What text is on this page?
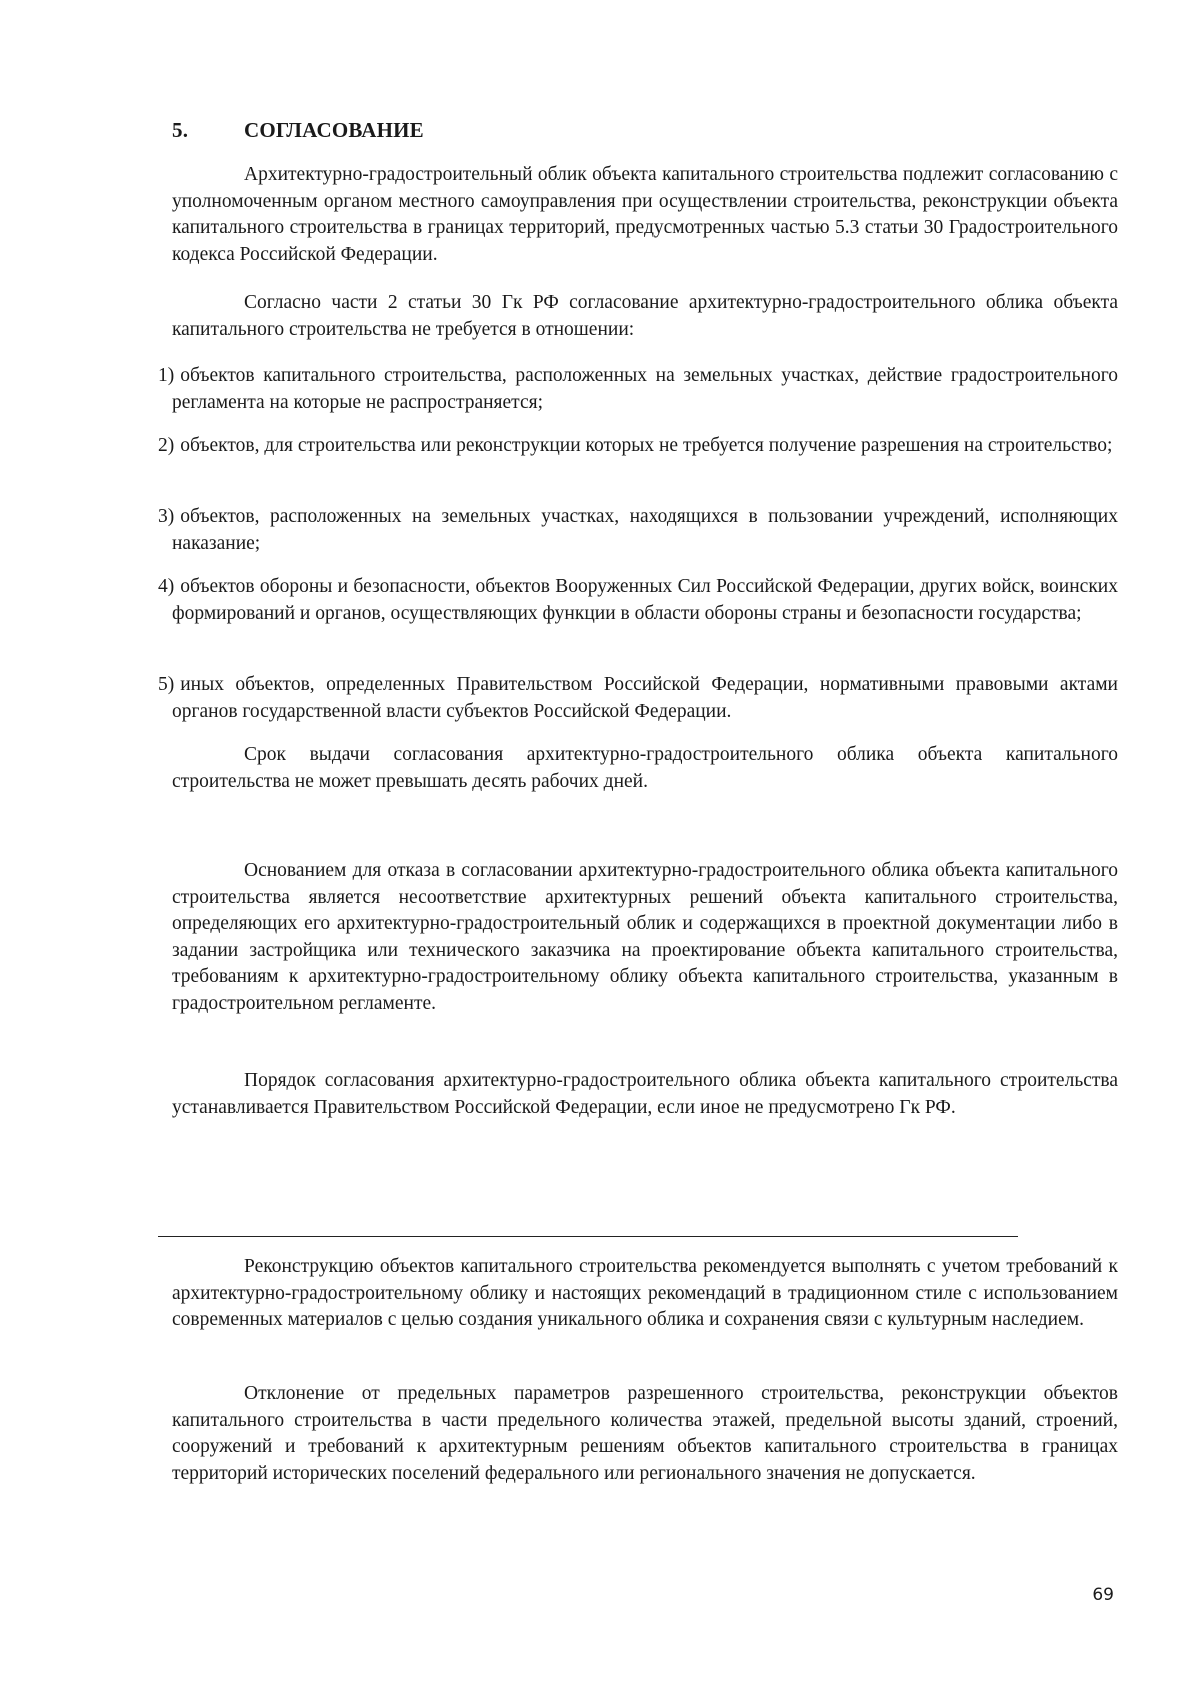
5.	СОГЛАСОВАНИЕ

Архитектурно-градостроительный облик объекта капитального строительства подлежит согласованию с уполномоченным органом местного самоуправления при осуществлении строительства, реконструкции объекта капитального строительства в границах территорий, предусмотренных частью 5.3 статьи 30 Градостроительного кодекса Российской Федерации.

Согласно части 2 статьи 30 Гк РФ согласование архитектурно-градостроительного облика объекта капитального строительства не требуется в отношении:

1) объектов капитального строительства, расположенных на земельных участках, действие градостроительного регламента на которые не распространяется;

2) объектов, для строительства или реконструкции которых не требуется получение разрешения на строительство;

3) объектов, расположенных на земельных участках, находящихся в пользовании учреждений, исполняющих наказание;

4) объектов обороны и безопасности, объектов Вооруженных Сил Российской Федерации, других войск, воинских формирований и органов, осуществляющих функции в области обороны страны и безопасности государства;

5) иных объектов, определенных Правительством Российской Федерации, нормативными правовыми актами органов государственной власти субъектов Российской Федерации.

Срок выдачи согласования архитектурно-градостроительного облика объекта капитального строительства не может превышать десять рабочих дней.

Основанием для отказа в согласовании архитектурно-градостроительного облика объекта капитального строительства является несоответствие архитектурных решений объекта капитального строительства, определяющих его архитектурно-градостроительный облик и содержащихся в проектной документации либо в задании застройщика или технического заказчика на проектирование объекта капитального строительства, требованиям к архитектурно-градостроительному облику объекта капитального строительства, указанным в градостроительном регламенте.

Порядок согласования архитектурно-градостроительного облика объекта капитального строительства устанавливается Правительством Российской Федерации, если иное не предусмотрено Гк РФ.

Реконструкцию объектов капитального строительства рекомендуется выполнять с учетом требований к архитектурно-градостроительному облику и настоящих рекомендаций в традиционном стиле с использованием современных материалов с целью создания уникального облика и сохранения связи с культурным наследием.

Отклонение от предельных параметров разрешенного строительства, реконструкции объектов капитального строительства в части предельного количества этажей, предельной высоты зданий, строений, сооружений и требований к архитектурным решениям объектов капитального строительства в границах территорий исторических поселений федерального или регионального значения не допускается.

69
